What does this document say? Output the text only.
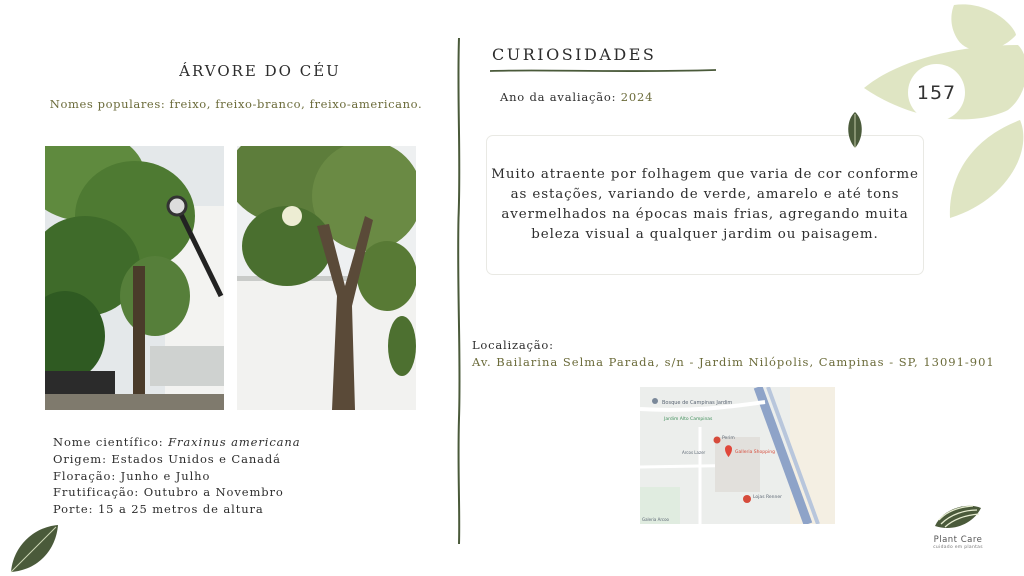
ÁRVORE DO CÉU
Nomes populares: freixo, freixo-branco, freixo-americano.
Nome científico: Fraxinus americana
Origem: Estados Unidos e Canadá
Floração: Junho e Julho
Frutificação: Outubro a Novembro
Porte: 15 a 25 metros de altura
CURIOSIDADES
Ano da avaliação: 2024
Muito atraente por folhagem que varia de cor conforme as estações, variando de verde, amarelo e até tons avermelhados na épocas mais frias, agregando muita beleza visual a qualquer jardim ou paisagem.
Localização:
Av. Bailarina Selma Parada, s/n - Jardim Nilópolis, Campinas - SP, 13091-901
Bosque de Campinas Jardim
Jardim Alto Campinas
Perim
Galleria Shopping
Lojas Renner
Arcos Lazer
Galeria Arcoo
157
Plant Care
cuidado em plantas
